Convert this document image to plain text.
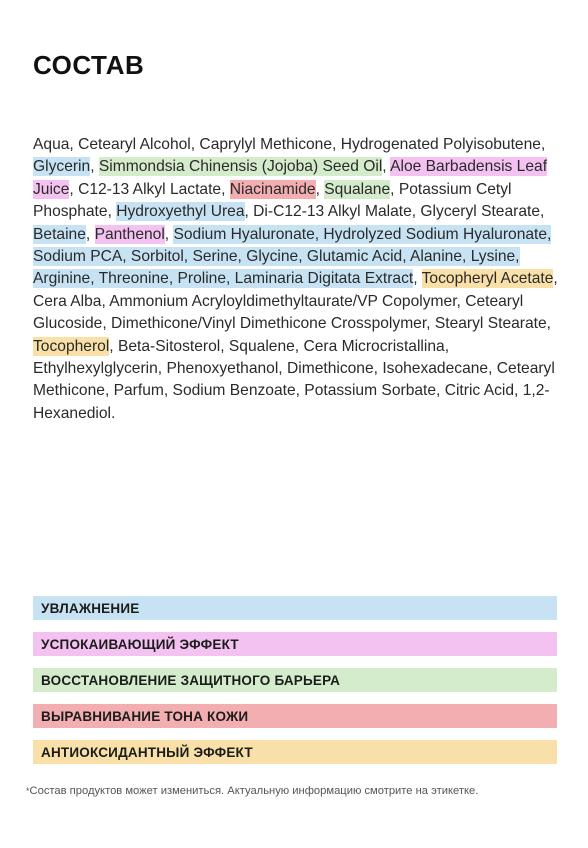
СОСТАВ

Aqua, Cetearyl Alcohol, Caprylyl Methicone, Hydrogenated Polyisobutene, Glycerin, Simmondsia Chinensis (Jojoba) Seed Oil, Aloe Barbadensis Leaf Juice, C12-13 Alkyl Lactate, Niacinamide, Squalane, Potassium Cetyl Phosphate, Hydroxyethyl Urea, Di-C12-13 Alkyl Malate, Glyceryl Stearate, Betaine, Panthenol, Sodium Hyaluronate, Hydrolyzed Sodium Hyaluronate, Sodium PCA, Sorbitol, Serine, Glycine, Glutamic Acid, Alanine, Lysine, Arginine, Threonine, Proline, Laminaria Digitata Extract, Tocopheryl Acetate, Cera Alba, Ammonium Acryloyldimethyltaurate/VP Copolymer, Cetearyl Glucoside, Dimethicone/Vinyl Dimethicone Crosspolymer, Stearyl Stearate, Tocopherol, Beta-Sitosterol, Squalene, Cera Microcristallina, Ethylhexylglycerin, Phenoxyethanol, Dimethicone, Isohexadecane, Cetearyl Methicone, Parfum, Sodium Benzoate, Potassium Sorbate, Citric Acid, 1,2-Hexanediol.

УВЛАЖНЕНИЕ
УСПОКАИВАЮЩИЙ ЭФФЕКТ
ВОССТАНОВЛЕНИЕ ЗАЩИТНОГО БАРЬЕРА
ВЫРАВНИВАНИЕ ТОНА КОЖИ
АНТИОКСИДАНТНЫЙ ЭФФЕКТ

*Состав продуктов может измениться. Актуальную информацию смотрите на этикетке.
